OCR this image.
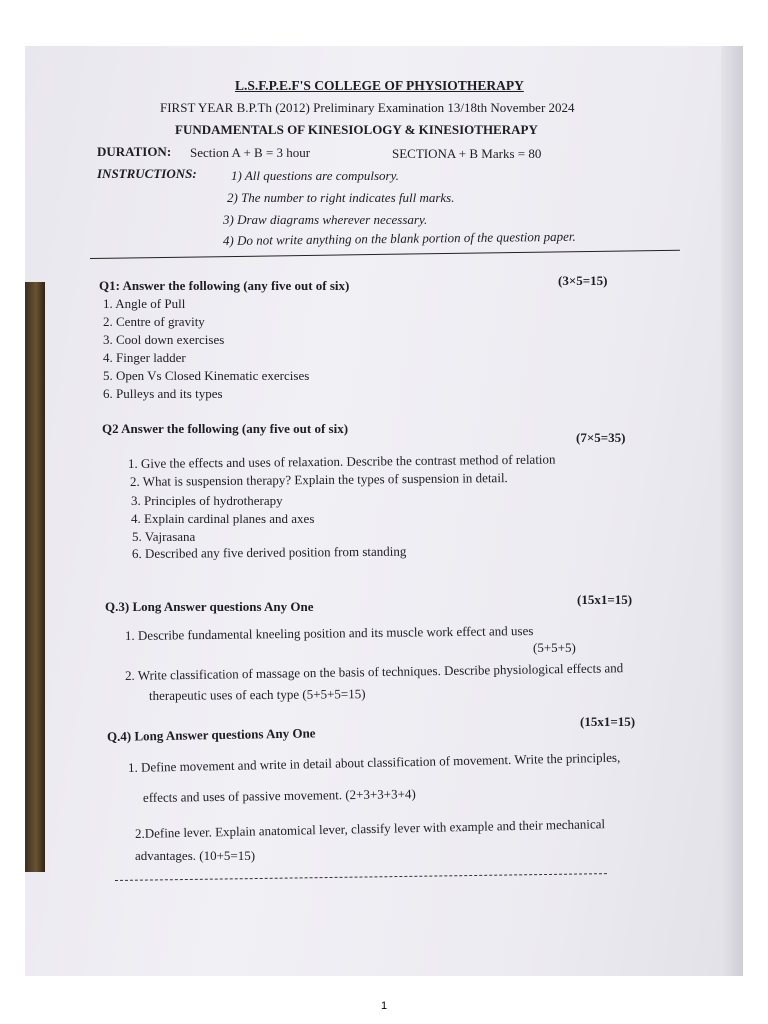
L.S.F.P.E.F'S COLLEGE OF PHYSIOTHERAPY
FIRST YEAR B.P.Th (2012) Preliminary Examination 13/18th November 2024
FUNDAMENTALS OF KINESIOLOGY & KINESIOTHERAPY
DURATION: Section A + B = 3 hour	SECTIONA + B Marks = 80
INSTRUCTIONS:	1) All questions are compulsory.
2) The number to right indicates full marks.
3) Draw diagrams wherever necessary.
4) Do not write anything on the blank portion of the question paper.
Q1: Answer the following (any five out of six)	(3×5=15)
1. Angle of Pull
2. Centre of gravity
3. Cool down exercises
4. Finger ladder
5. Open Vs Closed Kinematic exercises
6. Pulleys and its types
Q2 Answer the following (any five out of six)
(7×5=35)
1. Give the effects and uses of relaxation. Describe the contrast method of relation
2. What is suspension therapy? Explain the types of suspension in detail.
3. Principles of hydrotherapy
4. Explain cardinal planes and axes
5. Vajrasana
6. Described any five derived position from standing
Q.3) Long Answer questions Any One	(15x1=15)
1. Describe fundamental kneeling position and its muscle work effect and uses
(5+5+5)
2. Write classification of massage on the basis of techniques. Describe physiological effects and
therapeutic uses of each type (5+5+5=15)
Q.4) Long Answer questions Any One
(15x1=15)
1. Define movement and write in detail about classification of movement. Write the principles,
effects and uses of passive movement. (2+3+3+3+4)
2.Define lever. Explain anatomical lever, classify lever with example and their mechanical
advantages. (10+5=15)
1
